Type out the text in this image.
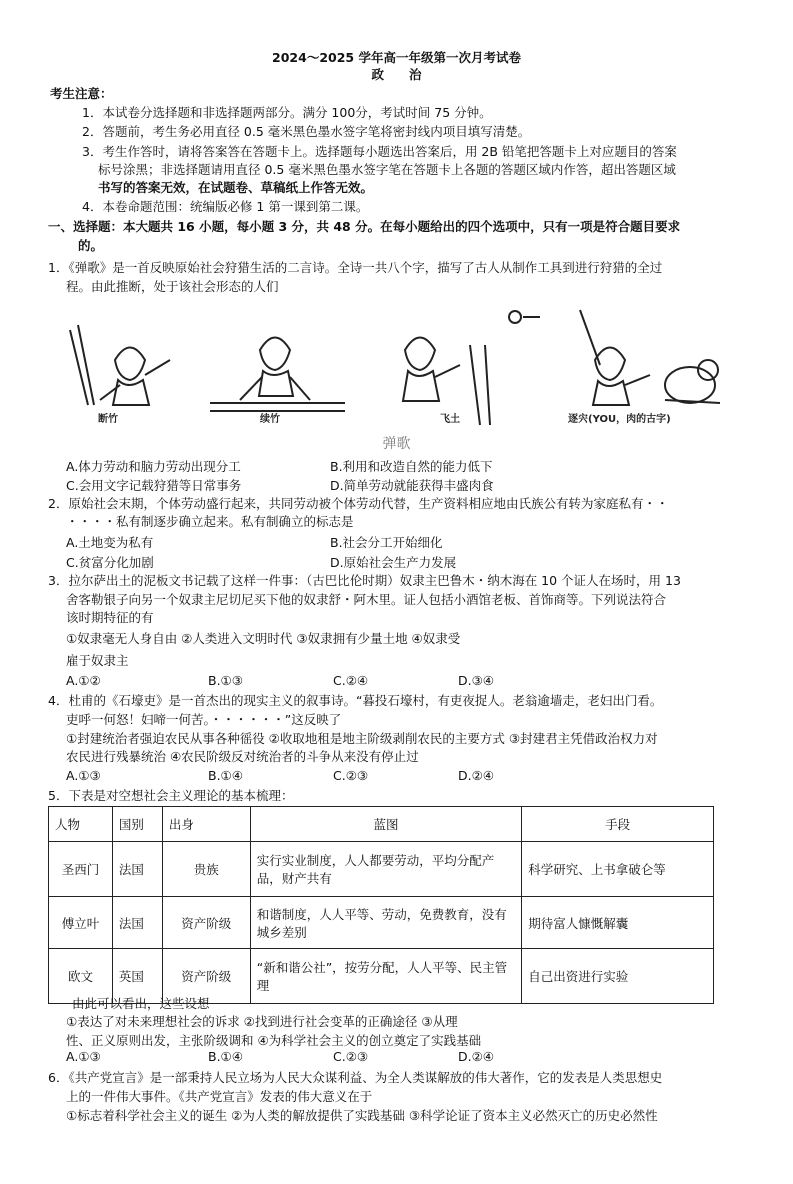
2024～2025 学年高一年级第一次月考试卷
政　　治
考生注意：
1．本试卷分选择题和非选择题两部分。满分 100分，考试时间 75 分钟。
2．答题前，考生务必用直径 0.5 毫米黑色墨水签字笔将密封线内项目填写清楚。
3．考生作答时，请将答案答在答题卡上。选择题每小题选出答案后，用 2B 铅笔把答题卡上对应题目的答案
标号涂黑；非选择题请用直径 0.5 毫米黑色墨水签字笔在答题卡上各题的答题区域内作答，超出答题区域
书写的答案无效，在试题卷、草稿纸上作答无效。
4．本卷命题范围：统编版必修 1 第一课到第二课。
一、选择题：本大题共 16 小题，每小题 3 分，共 48 分。在每小题给出的四个选项中，只有一项是符合题目要求
的。
1．《弹歌》是一首反映原始社会狩猎生活的二言诗。全诗一共八个字，描写了古人从制作工具到进行狩猎的全过
程。由此推断，处于该社会形态的人们
断竹	续竹	飞土	逐宍(YOU，肉的古字)
弹歌
A.体力劳动和脑力劳动出现分工	B.利用和改造自然的能力低下
C.会用文字记载狩猎等日常事务	D.简单劳动就能获得丰盛肉食
2．原始社会末期，个体劳动盛行起来，共同劳动被个体劳动代替，生产资料相应地由氏族公有转为家庭私有・・
・・・・私有制逐步确立起来。私有制确立的标志是
A.土地变为私有	B.社会分工开始细化
C.贫富分化加剧	D.原始社会生产力发展
3．拉尔萨出土的泥板文书记载了这样一件事：（古巴比伦时期）奴隶主巴鲁木・纳木海在 10 个证人在场时，用 13
舍客勒银子向另一个奴隶主尼切尼买下他的奴隶舒・阿木里。证人包括小酒馆老板、首饰商等。下列说法符合
该时期特征的有
①奴隶毫无人身自由 ②人类进入文明时代 ③奴隶拥有少量土地 ④奴隶受
雇于奴隶主
A.①②	B.①③	C.②④	D.③④
4．杜甫的《石壕吏》是一首杰出的现实主义的叙事诗。“暮投石壕村，有吏夜捉人。老翁逾墙走，老妇出门看。
吏呼一何怒！妇啼一何苦。・・・・・・”这反映了
①封建统治者强迫农民从事各种徭役 ②收取地租是地主阶级剥削农民的主要方式 ③封建君主凭借政治权力对
农民进行残暴统治 ④农民阶级反对统治者的斗争从来没有停止过
A.①③	B.①④	C.②③	D.②④
5．下表是对空想社会主义理论的基本梳理：
人物	国别	出身	蓝图	手段
圣西门	法国	贵族	实行实业制度，人人都要劳动，平均分配产品，财产共有	科学研究、上书拿破仑等
傅立叶	法国	资产阶级	和谐制度，人人平等、劳动，免费教育，没有城乡差别	期待富人慷慨解囊
欧文	英国	资产阶级	“新和谐公社”，按劳分配，人人平等、民主管理	自己出资进行实验
由此可以看出，这些设想
①表达了对未来理想社会的诉求 ②找到进行社会变革的正确途径 ③从理
性、正义原则出发，主张阶级调和 ④为科学社会主义的创立奠定了实践基础
A.①③	B.①④	C.②③	D.②④
6．《共产党宣言》是一部秉持人民立场为人民大众谋利益、为全人类谋解放的伟大著作，它的发表是人类思想史
上的一件伟大事件。《共产党宣言》发表的伟大意义在于
①标志着科学社会主义的诞生 ②为人类的解放提供了实践基础 ③科学论证了资本主义必然灭亡的历史必然性
